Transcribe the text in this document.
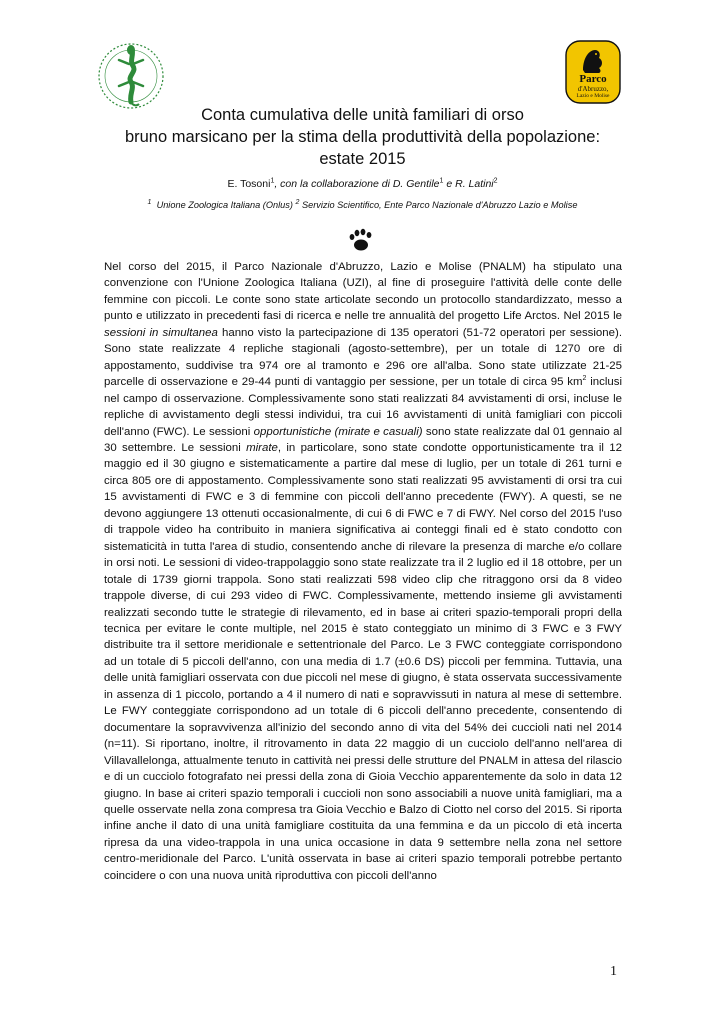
Parco
d'Abruzzo,
Lazio e Molise
Conta cumulativa delle unità familiari di orso
bruno marsicano per la stima della produttività della popolazione:
estate 2015
E. Tosoni$^1$, con la collaborazione di D. Gentile$^1$ e R. Latini$^2$
$^1$ Unione Zoologica Italiana (Onlus) $^2$ Servizio Scientifico, Ente Parco Nazionale d'Abruzzo Lazio e Molise

Nel corso del 2015, il Parco Nazionale d'Abruzzo, Lazio e Molise (PNALM) ha stipulato una convenzione con l'Unione Zoologica Italiana (UZI), al fine di proseguire l'attività delle conte delle femmine con piccoli. Le conte sono state articolate secondo un protocollo standardizzato, messo a punto e utilizzato in precedenti fasi di ricerca e nelle tre annualità del progetto Life Arctos. Nel 2015 le sessioni in simultanea hanno visto la partecipazione di 135 operatori (51-72 operatori per sessione). Sono state realizzate 4 repliche stagionali (agosto-settembre), per un totale di 1270 ore di appostamento, suddivise tra 974 ore al tramonto e 296 ore all'alba. Sono state utilizzate 21-25 parcelle di osservazione e 29-44 punti di vantaggio per sessione, per un totale di circa 95 $km^2$ inclusi nel campo di osservazione. Complessivamente sono stati realizzati 84 avvistamenti di orsi, incluse le repliche di avvistamento degli stessi individui, tra cui 16 avvistamenti di unità famigliari con piccoli dell'anno (FWC). Le sessioni opportunistiche (mirate e casuali) sono state realizzate dal 01 gennaio al 30 settembre. Le sessioni mirate, in particolare, sono state condotte opportunisticamente tra il 12 maggio ed il 30 giugno e sistematicamente a partire dal mese di luglio, per un totale di 261 turni e circa 805 ore di appostamento. Complessivamente sono stati realizzati 95 avvistamenti di orsi tra cui 15 avvistamenti di FWC e 3 di femmine con piccoli dell'anno precedente (FWY). A questi, se ne devono aggiungere 13 ottenuti occasionalmente, di cui 6 di FWC e 7 di FWY. Nel corso del 2015 l'uso di trappole video ha contribuito in maniera significativa ai conteggi finali ed è stato condotto con sistematicità in tutta l'area di studio, consentendo anche di rilevare la presenza di marche e/o collare in orsi noti. Le sessioni di video-trappolaggio sono state realizzate tra il 2 luglio ed il 18 ottobre, per un totale di 1739 giorni trappola. Sono stati realizzati 598 video clip che ritraggono orsi da 8 video trappole diverse, di cui 293 video di FWC. Complessivamente, mettendo insieme gli avvistamenti realizzati secondo tutte le strategie di rilevamento, ed in base ai criteri spazio-temporali propri della tecnica per evitare le conte multiple, nel 2015 è stato conteggiato un minimo di 3 FWC e 3 FWY distribuite tra il settore meridionale e settentrionale del Parco. Le 3 FWC conteggiate corrispondono ad un totale di 5 piccoli dell'anno, con una media di 1.7 (±0.6 DS) piccoli per femmina. Tuttavia, una delle unità famigliari osservata con due piccoli nel mese di giugno, è stata osservata successivamente in assenza di 1 piccolo, portando a 4 il numero di nati e sopravvissuti in natura al mese di settembre. Le FWY conteggiate corrispondono ad un totale di 6 piccoli dell'anno precedente, consentendo di documentare la sopravvivenza all'inizio del secondo anno di vita del 54% dei cuccioli nati nel 2014 (n=11). Si riportano, inoltre, il ritrovamento in data 22 maggio di un cucciolo dell'anno nell'area di Villavallelonga, attualmente tenuto in cattività nei pressi delle strutture del PNALM in attesa del rilascio e di un cucciolo fotografato nei pressi della zona di Gioia Vecchio apparentemente da solo in data 12 giugno. In base ai criteri spazio temporali i cuccioli non sono associabili a nuove unità famigliari, ma a quelle osservate nella zona compresa tra Gioia Vecchio e Balzo di Ciotto nel corso del 2015. Si riporta infine anche il dato di una unità famigliare costituita da una femmina e da un piccolo di età incerta ripresa da una video-trappola in una unica occasione in data 9 settembre nella zona nel settore centro-meridionale del Parco. L'unità osservata in base ai criteri spazio temporali potrebbe pertanto coincidere o con una nuova unità riproduttiva con piccoli dell'anno

1
